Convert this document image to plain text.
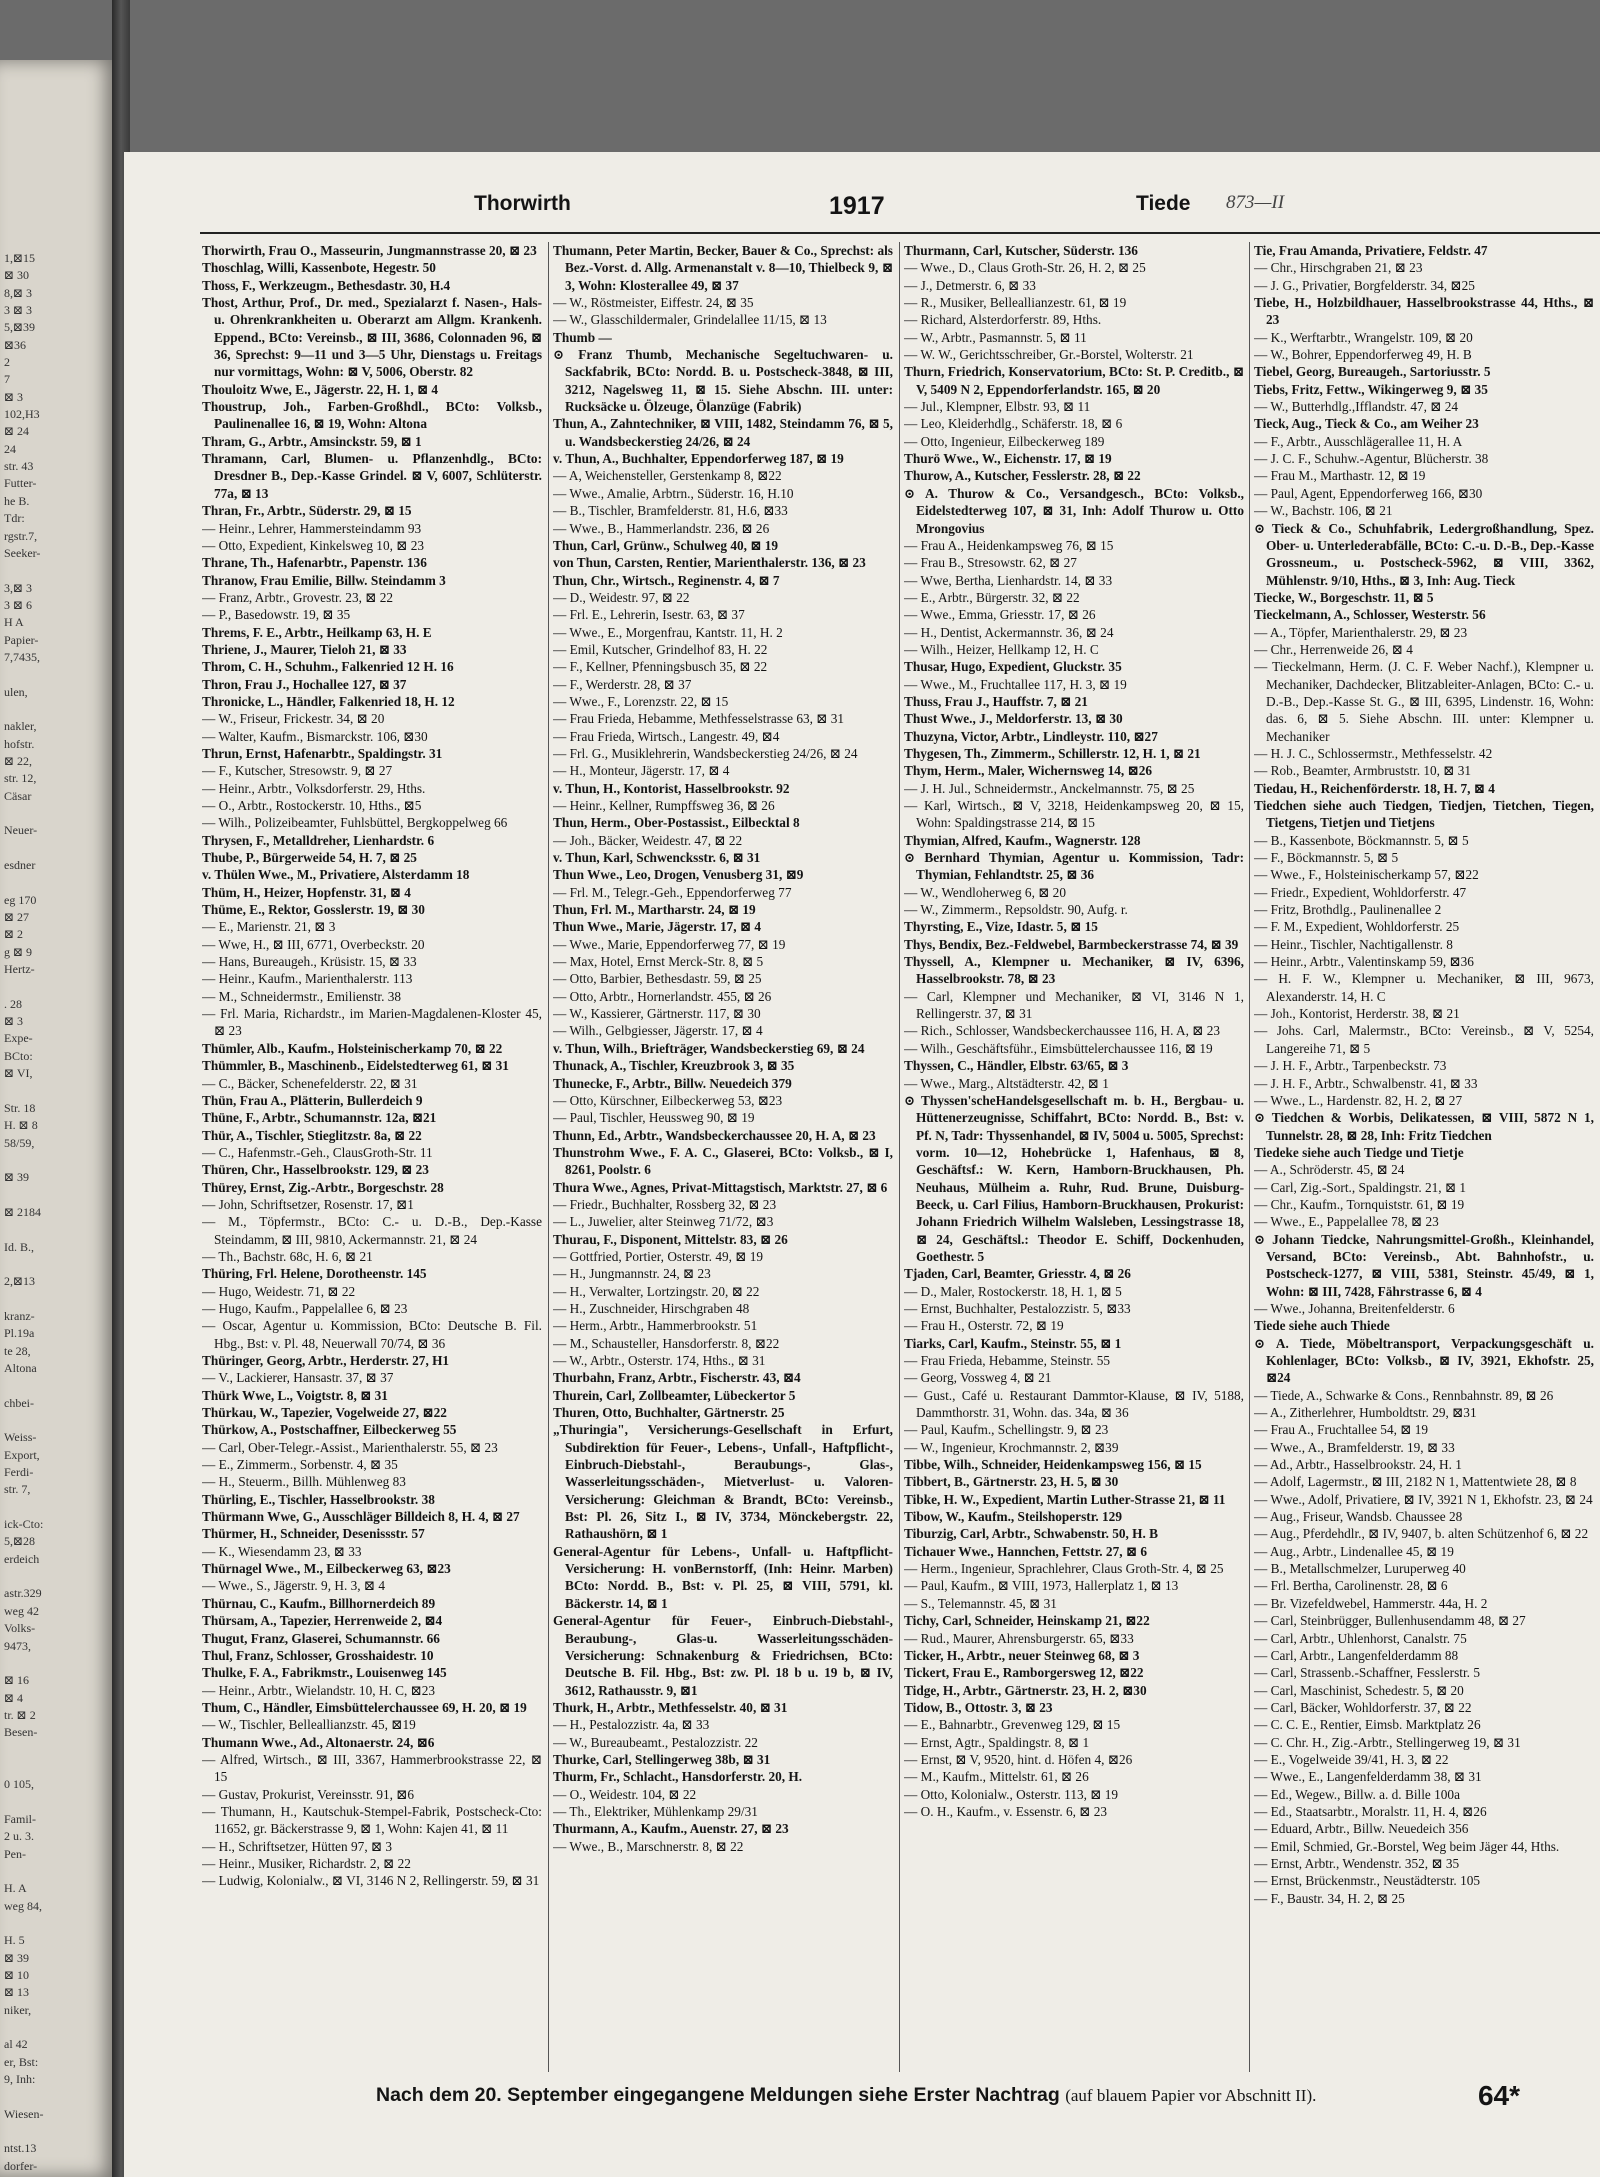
1,⊠15
⊠ 30
8,⊠ 3
3 ⊠ 3
5,⊠39
⊠36
2
7
⊠ 3
102,H3
⊠ 24
24
str. 43
Futter-
he B.
Tdr:
rgstr.7,
Seeker-

3,⊠ 3
3 ⊠ 6
H A
Papier-
7,7435,

ulen,

nakler,
hofstr.
⊠ 22,
str. 12,
Cäsar

Neuer-

esdner

eg 170
⊠ 27
⊠ 2
g ⊠ 9
Hertz-

. 28
⊠ 3
Expe-
BCto:
⊠ VI,

Str. 18
H. ⊠ 8
58/59,

⊠ 39

⊠ 2184

Id. B.,

2,⊠13

kranz-
Pl.19a
te 28,
Altona

chbei-

Weiss-
Export,
Ferdi-
str. 7,

ick-Cto:
5,⊠28
erdeich

astr.329
weg 42
Volks-
9473,

⊠ 16
⊠ 4
tr. ⊠ 2
Besen-

0 105,

Famil-
2 u. 3.
Pen-

H. A
weg 84,

H. 5
⊠ 39
⊠ 10
⊠ 13
niker,

al 42
er, Bst:
9, Inh:

Wiesen-

ntst.13
dorfer-
Thorwirth	1917	Tiede 873—II

Thorwirth, Frau O., Masseurin, Jungmannstrasse 20, ⊠ 23

Thoschlag, Willi, Kassenbote, Hegestr. 50

Thoss, F., Werkzeugm., Bethesdastr. 30, H.4

Thost, Arthur, Prof., Dr. med., Spezialarzt f. Nasen-, Hals- u. Ohrenkrankheiten u. Oberarzt am Allgm. Krankenh. Eppend., BCto: Vereinsb., ⊠ III, 3686, Colonnaden 96, ⊠ 36, Sprechst: 9—11 und 3—5 Uhr, Dienstags u. Freitags nur vormittags, Wohn: ⊠ V, 5006, Oberstr. 82

Thouloitz Wwe, E., Jägerstr. 22, H. 1, ⊠ 4

Thoustrup, Joh., Farben-Großhdl., BCto: Volksb., Paulinenallee 16, ⊠ 19, Wohn: Altona

Thram, G., Arbtr., Amsinckstr. 59, ⊠ 1

Thramann, Carl, Blumen- u. Pflanzenhdlg., BCto: Dresdner B., Dep.-Kasse Grindel. ⊠ V, 6007, Schlüterstr. 77a, ⊠ 13

Thran, Fr., Arbtr., Süderstr. 29, ⊠ 15

— Heinr., Lehrer, Hammersteindamm 93

— Otto, Expedient, Kinkelsweg 10, ⊠ 23

Thrane, Th., Hafenarbtr., Papenstr. 136

Thranow, Frau Emilie, Billw. Steindamm 3

— Franz, Arbtr., Grovestr. 23, ⊠ 22

— P., Basedowstr. 19, ⊠ 35

Threms, F. E., Arbtr., Heilkamp 63, H. E

Thriene, J., Maurer, Tieloh 21, ⊠ 33

Throm, C. H., Schuhm., Falkenried 12 H. 16

Thron, Frau J., Hochallee 127, ⊠ 37

Thronicke, L., Händler, Falkenried 18, H. 12

— W., Friseur, Frickestr. 34, ⊠ 20

— Walter, Kaufm., Bismarckstr. 106, ⊠30

Thrun, Ernst, Hafenarbtr., Spaldingstr. 31

— F., Kutscher, Stresowstr. 9, ⊠ 27

— Heinr., Arbtr., Volksdorferstr. 29, Hths.

— O., Arbtr., Rostockerstr. 10, Hths., ⊠5

— Wilh., Polizeibeamter, Fuhlsbüttel, Bergkoppelweg 66

Thrysen, F., Metalldreher, Lienhardstr. 6

Thube, P., Bürgerweide 54, H. 7, ⊠ 25

v. Thülen Wwe., M., Privatiere, Alsterdamm 18

Thüm, H., Heizer, Hopfenstr. 31, ⊠ 4

Thüme, E., Rektor, Gosslerstr. 19, ⊠ 30

— E., Marienstr. 21, ⊠ 3

— Wwe, H., ⊠ III, 6771, Overbeckstr. 20

— Hans, Bureaugeh., Krüsistr. 15, ⊠ 33

— Heinr., Kaufm., Marienthalerstr. 113

— M., Schneidermstr., Emilienstr. 38

— Frl. Maria, Richardstr., im Marien-Magdalenen-Kloster 45, ⊠ 23

Thümler, Alb., Kaufm., Holsteinischerkamp 70, ⊠ 22

Thümmler, B., Maschinenb., Eidelstedterweg 61, ⊠ 31

— C., Bäcker, Schenefelderstr. 22, ⊠ 31

Thün, Frau A., Plätterin, Bullerdeich 9

Thüne, F., Arbtr., Schumannstr. 12a, ⊠21

Thür, A., Tischler, Stieglitzstr. 8a, ⊠ 22

— C., Hafenmstr.-Geh., ClausGroth-Str. 11

Thüren, Chr., Hasselbrookstr. 129, ⊠ 23

Thürey, Ernst, Zig.-Arbtr., Borgeschstr. 28

— John, Schriftsetzer, Rosenstr. 17, ⊠1

— M., Töpfermstr., BCto: C.- u. D.-B., Dep.-Kasse Steindamm, ⊠ III, 9810, Ackermannstr. 21, ⊠ 24

— Th., Bachstr. 68c, H. 6, ⊠ 21

Thüring, Frl. Helene, Dorotheenstr. 145

— Hugo, Weidestr. 71, ⊠ 22

— Hugo, Kaufm., Pappelallee 6, ⊠ 23

— Oscar, Agentur u. Kommission, BCto: Deutsche B. Fil. Hbg., Bst: v. Pl. 48, Neuerwall 70/74, ⊠ 36

Thüringer, Georg, Arbtr., Herderstr. 27, H1

— V., Lackierer, Hansastr. 37, ⊠ 37

Thürk Wwe, L., Voigtstr. 8, ⊠ 31

Thürkau, W., Tapezier, Vogelweide 27, ⊠22

Thürkow, A., Postschaffner, Eilbeckerweg 55

— Carl, Ober-Telegr.-Assist., Marienthalerstr. 55, ⊠ 23

— E., Zimmerm., Sorbenstr. 4, ⊠ 35

— H., Steuerm., Billh. Mühlenweg 83

Thürling, E., Tischler, Hasselbrookstr. 38

Thürmann Wwe, G., Ausschläger Billdeich 8, H. 4, ⊠ 27

Thürmer, H., Schneider, Desenissstr. 57

— K., Wiesendamm 23, ⊠ 33

Thürnagel Wwe., M., Eilbeckerweg 63, ⊠23

— Wwe., S., Jägerstr. 9, H. 3, ⊠ 4

Thürnau, C., Kaufm., Billhornerdeich 89

Thürsam, A., Tapezier, Herrenweide 2, ⊠4

Thugut, Franz, Glaserei, Schumannstr. 66

Thul, Franz, Schlosser, Grosshaidestr. 10

Thulke, F. A., Fabrikmstr., Louisenweg 145

— Heinr., Arbtr., Wielandstr. 10, H. C, ⊠23

Thum, C., Händler, Eimsbüttelerchaussee 69, H. 20, ⊠ 19

— W., Tischler, Belleallianzstr. 45, ⊠19

Thumann Wwe., Ad., Altonaerstr. 24, ⊠6

— Alfred, Wirtsch., ⊠ III, 3367, Hammerbrookstrasse 22, ⊠ 15

— Gustav, Prokurist, Vereinsstr. 91, ⊠6

— Thumann, H., Kautschuk-Stempel-Fabrik, Postscheck-Cto: 11652, gr. Bäckerstrasse 9, ⊠ 1, Wohn: Kajen 41, ⊠ 11

— H., Schriftsetzer, Hütten 97, ⊠ 3

— Heinr., Musiker, Richardstr. 2, ⊠ 22

— Ludwig, Kolonialw., ⊠ VI, 3146 N 2, Rellingerstr. 59, ⊠ 31

Thumann, Peter Martin, Becker, Bauer & Co., Sprechst: als Bez.-Vorst. d. Allg. Armenanstalt v. 8—10, Thielbeck 9, ⊠ 3, Wohn: Klosterallee 49, ⊠ 37

— W., Röstmeister, Eiffestr. 24, ⊠ 35

— W., Glasschildermaler, Grindelallee 11/15, ⊠ 13

Thumb —

⊙ Franz Thumb, Mechanische Segeltuchwaren- u. Sackfabrik, BCto: Nordd. B. u. Postscheck-3848, ⊠ III, 3212, Nagelsweg 11, ⊠ 15. Siehe Abschn. III. unter: Rucksäcke u. Ölzeuge, Ölanzüge (Fabrik)

Thun, A., Zahntechniker, ⊠ VIII, 1482, Steindamm 76, ⊠ 5, u. Wandsbeckerstieg 24/26, ⊠ 24

v. Thun, A., Buchhalter, Eppendorferweg 187, ⊠ 19

— A, Weichensteller, Gerstenkamp 8, ⊠22

— Wwe., Amalie, Arbtrn., Süderstr. 16, H.10

— B., Tischler, Bramfelderstr. 81, H.6, ⊠33

— Wwe., B., Hammerlandstr. 236, ⊠ 26

Thun, Carl, Grünw., Schulweg 40, ⊠ 19

von Thun, Carsten, Rentier, Marienthalerstr. 136, ⊠ 23

Thun, Chr., Wirtsch., Reginenstr. 4, ⊠ 7

— D., Weidestr. 97, ⊠ 22

— Frl. E., Lehrerin, Isestr. 63, ⊠ 37

— Wwe., E., Morgenfrau, Kantstr. 11, H. 2

— Emil, Kutscher, Grindelhof 83, H. 22

— F., Kellner, Pfenningsbusch 35, ⊠ 22

— F., Werderstr. 28, ⊠ 37

— Wwe., F., Lorenzstr. 22, ⊠ 15

— Frau Frieda, Hebamme, Methfesselstrasse 63, ⊠ 31

— Frau Frieda, Wirtsch., Langestr. 49, ⊠4

— Frl. G., Musiklehrerin, Wandsbeckerstieg 24/26, ⊠ 24

— H., Monteur, Jägerstr. 17, ⊠ 4

v. Thun, H., Kontorist, Hasselbrookstr. 92

— Heinr., Kellner, Rumpffsweg 36, ⊠ 26

Thun, Herm., Ober-Postassist., Eilbecktal 8

— Joh., Bäcker, Weidestr. 47, ⊠ 22

v. Thun, Karl, Schwencksstr. 6, ⊠ 31

Thun Wwe., Leo, Drogen, Venusberg 31, ⊠9

— Frl. M., Telegr.-Geh., Eppendorferweg 77

Thun, Frl. M., Martharstr. 24, ⊠ 19

Thun Wwe., Marie, Jägerstr. 17, ⊠ 4

— Wwe., Marie, Eppendorferweg 77, ⊠ 19

— Max, Hotel, Ernst Merck-Str. 8, ⊠ 5

— Otto, Barbier, Bethesdastr. 59, ⊠ 25

— Otto, Arbtr., Hornerlandstr. 455, ⊠ 26

— W., Kassierer, Gärtnerstr. 117, ⊠ 30

— Wilh., Gelbgiesser, Jägerstr. 17, ⊠ 4

v. Thun, Wilh., Briefträger, Wandsbeckerstieg 69, ⊠ 24

Thunack, A., Tischler, Kreuzbrook 3, ⊠ 35

Thunecke, F., Arbtr., Billw. Neuedeich 379

— Otto, Kürschner, Eilbeckerweg 53, ⊠23

— Paul, Tischler, Heussweg 90, ⊠ 19

Thunn, Ed., Arbtr., Wandsbeckerchaussee 20, H. A, ⊠ 23

Thunstrohm Wwe., F. A. C., Glaserei, BCto: Volksb., ⊠ I, 8261, Poolstr. 6

Thura Wwe., Agnes, Privat-Mittagstisch, Marktstr. 27, ⊠ 6

— Friedr., Buchhalter, Rossberg 32, ⊠ 23

— L., Juwelier, alter Steinweg 71/72, ⊠3

Thurau, F., Disponent, Mittelstr. 83, ⊠ 26

— Gottfried, Portier, Osterstr. 49, ⊠ 19

— H., Jungmannstr. 24, ⊠ 23

— H., Verwalter, Lortzingstr. 20, ⊠ 22

— H., Zuschneider, Hirschgraben 48

— Herm., Arbtr., Hammerbrookstr. 51

— M., Schausteller, Hansdorferstr. 8, ⊠22

— W., Arbtr., Osterstr. 174, Hths., ⊠ 31

Thurbahn, Franz, Arbtr., Fischerstr. 43, ⊠4

Thurein, Carl, Zollbeamter, Lübeckertor 5

Thuren, Otto, Buchhalter, Gärtnerstr. 25

„Thuringia", Versicherungs-Gesellschaft in Erfurt, Subdirektion für Feuer-, Lebens-, Unfall-, Haftpflicht-, Einbruch-Diebstahl-, Beraubungs-, Glas-, Wasserleitungsschäden-, Mietverlust- u. Valoren-Versicherung: Gleichman & Brandt, BCto: Vereinsb., Bst: Pl. 26, Sitz I., ⊠ IV, 3734, Mönckebergstr. 22, Rathaushörn, ⊠ 1

General-Agentur für Lebens-, Unfall- u. Haftpflicht-Versicherung: H. vonBernstorff, (Inh: Heinr. Marben) BCto: Nordd. B., Bst: v. Pl. 25, ⊠ VIII, 5791, kl. Bäckerstr. 14, ⊠ 1

General-Agentur für Feuer-, Einbruch-Diebstahl-, Beraubung-, Glas-u. Wasserleitungsschäden-Versicherung: Schnakenburg & Friedrichsen, BCto: Deutsche B. Fil. Hbg., Bst: zw. Pl. 18 b u. 19 b, ⊠ IV, 3612, Rathausstr. 9, ⊠1

Thurk, H., Arbtr., Methfesselstr. 40, ⊠ 31

— H., Pestalozzistr. 4a, ⊠ 33

— W., Bureaubeamt., Pestalozzistr. 22

Thurke, Carl, Stellingerweg 38b, ⊠ 31

Thurm, Fr., Schlacht., Hansdorferstr. 20, H.

— O., Weidestr. 104, ⊠ 22

— Th., Elektriker, Mühlenkamp 29/31

Thurmann, A., Kaufm., Auenstr. 27, ⊠ 23

— Wwe., B., Marschnerstr. 8, ⊠ 22

Thurmann, Carl, Kutscher, Süderstr. 136

— Wwe., D., Claus Groth-Str. 26, H. 2, ⊠ 25

— J., Detmerstr. 6, ⊠ 33

— R., Musiker, Belleallianzestr. 61, ⊠ 19

— Richard, Alsterdorferstr. 89, Hths.

— W., Arbtr., Pasmannstr. 5, ⊠ 11

— W. W., Gerichtsschreiber, Gr.-Borstel, Wolterstr. 21

Thurn, Friedrich, Konservatorium, BCto: St. P. Creditb., ⊠ V, 5409 N 2, Eppendorferlandstr. 165, ⊠ 20

— Jul., Klempner, Elbstr. 93, ⊠ 11

— Leo, Kleiderhdlg., Schäferstr. 18, ⊠ 6

— Otto, Ingenieur, Eilbeckerweg 189

Thurö Wwe., W., Eichenstr. 17, ⊠ 19

Thurow, A., Kutscher, Fesslerstr. 28, ⊠ 22

⊙ A. Thurow & Co., Versandgesch., BCto: Volksb., Eidelstedterweg 107, ⊠ 31, Inh: Adolf Thurow u. Otto Mrongovius

— Frau A., Heidenkampsweg 76, ⊠ 15

— Frau B., Stresowstr. 62, ⊠ 27

— Wwe, Bertha, Lienhardstr. 14, ⊠ 33

— E., Arbtr., Bürgerstr. 32, ⊠ 22

— Wwe., Emma, Griesstr. 17, ⊠ 26

— H., Dentist, Ackermannstr. 36, ⊠ 24

— Wilh., Heizer, Hellkamp 12, H. C

Thusar, Hugo, Expedient, Gluckstr. 35

— Wwe., M., Fruchtallee 117, H. 3, ⊠ 19

Thuss, Frau J., Hauffstr. 7, ⊠ 21

Thust Wwe., J., Meldorferstr. 13, ⊠ 30

Thuzyna, Victor, Arbtr., Lindleystr. 110, ⊠27

Thygesen, Th., Zimmerm., Schillerstr. 12, H. 1, ⊠ 21

Thym, Herm., Maler, Wichernsweg 14, ⊠26

— J. H. Jul., Schneidermstr., Anckelmannstr. 75, ⊠ 25

— Karl, Wirtsch., ⊠ V, 3218, Heidenkampsweg 20, ⊠ 15, Wohn: Spaldingstrasse 214, ⊠ 15

Thymian, Alfred, Kaufm., Wagnerstr. 128

⊙ Bernhard Thymian, Agentur u. Kommission, Tadr: Thymian, Fehlandtstr. 25, ⊠ 36

— W., Wendloherweg 6, ⊠ 20

— W., Zimmerm., Repsoldstr. 90, Aufg. r.

Thyrsting, E., Vize, Idastr. 5, ⊠ 15

Thys, Bendix, Bez.-Feldwebel, Barmbeckerstrasse 74, ⊠ 39

Thyssell, A., Klempner u. Mechaniker, ⊠ IV, 6396, Hasselbrookstr. 78, ⊠ 23

— Carl, Klempner und Mechaniker, ⊠ VI, 3146 N 1, Rellingerstr. 37, ⊠ 31

— Rich., Schlosser, Wandsbeckerchaussee 116, H. A, ⊠ 23

— Wilh., Geschäftsführ., Eimsbüttelerchaussee 116, ⊠ 19

Thyssen, C., Händler, Elbstr. 63/65, ⊠ 3

— Wwe., Marg., Altstädterstr. 42, ⊠ 1

⊙ Thyssen'scheHandelsgesellschaft m. b. H., Bergbau- u. Hüttenerzeugnisse, Schiffahrt, BCto: Nordd. B., Bst: v. Pf. N, Tadr: Thyssenhandel, ⊠ IV, 5004 u. 5005, Sprechst: vorm. 10—12, Hohebrücke 1, Hafenhaus, ⊠ 8, Geschäftsf.: W. Kern, Hamborn-Bruckhausen, Ph. Neuhaus, Mülheim a. Ruhr, Rud. Brune, Duisburg-Beeck, u. Carl Filius, Hamborn-Bruckhausen, Prokurist: Johann Friedrich Wilhelm Walsleben, Lessingstrasse 18, ⊠ 24, Geschäftsl.: Theodor E. Schiff, Dockenhuden, Goethestr. 5

Tjaden, Carl, Beamter, Griesstr. 4, ⊠ 26

— D., Maler, Rostockerstr. 18, H. 1, ⊠ 5

— Ernst, Buchhalter, Pestalozzistr. 5, ⊠33

— Frau H., Osterstr. 72, ⊠ 19

Tiarks, Carl, Kaufm., Steinstr. 55, ⊠ 1

— Frau Frieda, Hebamme, Steinstr. 55

— Georg, Vossweg 4, ⊠ 21

— Gust., Café u. Restaurant Dammtor-Klause, ⊠ IV, 5188, Dammthorstr. 31, Wohn. das. 34a, ⊠ 36

— Paul, Kaufm., Schellingstr. 9, ⊠ 23

— W., Ingenieur, Krochmannstr. 2, ⊠39

Tibbe, Wilh., Schneider, Heidenkampsweg 156, ⊠ 15

Tibbert, B., Gärtnerstr. 23, H. 5, ⊠ 30

Tibke, H. W., Expedient, Martin Luther-Strasse 21, ⊠ 11

Tibow, W., Kaufm., Steilshoperstr. 129

Tiburzig, Carl, Arbtr., Schwabenstr. 50, H. B

Tichauer Wwe., Hannchen, Fettstr. 27, ⊠ 6

— Herm., Ingenieur, Sprachlehrer, Claus Groth-Str. 4, ⊠ 25

— Paul, Kaufm., ⊠ VIII, 1973, Hallerplatz 1, ⊠ 13

— S., Telemannstr. 45, ⊠ 31

Tichy, Carl, Schneider, Heinskamp 21, ⊠22

— Rud., Maurer, Ahrensburgerstr. 65, ⊠33

Ticker, H., Arbtr., neuer Steinweg 68, ⊠ 3

Tickert, Frau E., Ramborgersweg 12, ⊠22

Tidge, H., Arbtr., Gärtnerstr. 23, H. 2, ⊠30

Tidow, B., Ottostr. 3, ⊠ 23

— E., Bahnarbtr., Grevenweg 129, ⊠ 15

— Ernst, Agtr., Spaldingstr. 8, ⊠ 1

— Ernst, ⊠ V, 9520, hint. d. Höfen 4, ⊠26

— M., Kaufm., Mittelstr. 61, ⊠ 26

— Otto, Kolonialw., Osterstr. 113, ⊠ 19

— O. H., Kaufm., v. Essenstr. 6, ⊠ 23

Tie, Frau Amanda, Privatiere, Feldstr. 47

— Chr., Hirschgraben 21, ⊠ 23

— J. G., Privatier, Borgfelderstr. 34, ⊠25

Tiebe, H., Holzbildhauer, Hasselbrookstrasse 44, Hths., ⊠ 23

— K., Werftarbtr., Wrangelstr. 109, ⊠ 20

— W., Bohrer, Eppendorferweg 49, H. B

Tiebel, Georg, Bureaugeh., Sartoriusstr. 5

Tiebs, Fritz, Fettw., Wikingerweg 9, ⊠ 35

— W., Butterhdlg.,Ifflandstr. 47, ⊠ 24

Tieck, Aug., Tieck & Co., am Weiher 23

— F., Arbtr., Ausschlägerallee 11, H. A

— J. C. F., Schuhw.-Agentur, Blücherstr. 38

— Frau M., Marthastr. 12, ⊠ 19

— Paul, Agent, Eppendorferweg 166, ⊠30

— W., Bachstr. 106, ⊠ 21

⊙ Tieck & Co., Schuhfabrik, Ledergroßhandlung, Spez. Ober- u. Unterlederabfälle, BCto: C.-u. D.-B., Dep.-Kasse Grossneum., u. Postscheck-5962, ⊠ VIII, 3362, Mühlenstr. 9/10, Hths., ⊠ 3, Inh: Aug. Tieck

Tiecke, W., Borgeschstr. 11, ⊠ 5

Tieckelmann, A., Schlosser, Westerstr. 56

— A., Töpfer, Marienthalerstr. 29, ⊠ 23

— Chr., Herrenweide 26, ⊠ 4

— Tieckelmann, Herm. (J. C. F. Weber Nachf.), Klempner u. Mechaniker, Dachdecker, Blitzableiter-Anlagen, BCto: C.- u. D.-B., Dep.-Kasse St. G., ⊠ III, 6395, Lindenstr. 16, Wohn: das. 6, ⊠ 5. Siehe Abschn. III. unter: Klempner u. Mechaniker

— H. J. C., Schlossermstr., Methfesselstr. 42

— Rob., Beamter, Armbruststr. 10, ⊠ 31

Tiedau, H., Reichenförderstr. 18, H. 7, ⊠ 4

Tiedchen siehe auch Tiedgen, Tiedjen, Tietchen, Tiegen, Tietgens, Tietjen und Tietjens

— B., Kassenbote, Böckmannstr. 5, ⊠ 5

— F., Böckmannstr. 5, ⊠ 5

— Wwe., F., Holsteinischerkamp 57, ⊠22

— Friedr., Expedient, Wohldorferstr. 47

— Fritz, Brothdlg., Paulinenallee 2

— F. M., Expedient, Wohldorferstr. 25

— Heinr., Tischler, Nachtigallenstr. 8

— Heinr., Arbtr., Valentinskamp 59, ⊠36

— H. F. W., Klempner u. Mechaniker, ⊠ III, 9673, Alexanderstr. 14, H. C

— Joh., Kontorist, Herderstr. 38, ⊠ 21

— Johs. Carl, Malermstr., BCto: Vereinsb., ⊠ V, 5254, Langereihe 71, ⊠ 5

— J. H. F., Arbtr., Tarpenbeckstr. 73

— J. H. F., Arbtr., Schwalbenstr. 41, ⊠ 33

— Wwe., L., Hardenstr. 82, H. 2, ⊠ 27

⊙ Tiedchen & Worbis, Delikatessen, ⊠ VIII, 5872 N 1, Tunnelstr. 28, ⊠ 28, Inh: Fritz Tiedchen

Tiedeke siehe auch Tiedge und Tietje

— A., Schröderstr. 45, ⊠ 24

— Carl, Zig.-Sort., Spaldingstr. 21, ⊠ 1

— Chr., Kaufm., Tornquiststr. 61, ⊠ 19

— Wwe., E., Pappelallee 78, ⊠ 23

⊙ Johann Tiedcke, Nahrungsmittel-Großh., Kleinhandel, Versand, BCto: Vereinsb., Abt. Bahnhofstr., u. Postscheck-1277, ⊠ VIII, 5381, Steinstr. 45/49, ⊠ 1, Wohn: ⊠ III, 7428, Fährstrasse 6, ⊠ 4

— Wwe., Johanna, Breitenfelderstr. 6

Tiede siehe auch Thiede

⊙ A. Tiede, Möbeltransport, Verpackungsgeschäft u. Kohlenlager, BCto: Volksb., ⊠ IV, 3921, Ekhofstr. 25, ⊠24

— Tiede, A., Schwarke & Cons., Rennbahnstr. 89, ⊠ 26

— A., Zitherlehrer, Humboldtstr. 29, ⊠31

— Frau A., Fruchtallee 54, ⊠ 19

— Wwe., A., Bramfelderstr. 19, ⊠ 33

— Ad., Arbtr., Hasselbrookstr. 24, H. 1

— Adolf, Lagermstr., ⊠ III, 2182 N 1, Mattentwiete 28, ⊠ 8

— Wwe., Adolf, Privatiere, ⊠ IV, 3921 N 1, Ekhofstr. 23, ⊠ 24

— Aug., Friseur, Wandsb. Chaussee 28

— Aug., Pferdehdlr., ⊠ IV, 9407, b. alten Schützenhof 6, ⊠ 22

— Aug., Arbtr., Lindenallee 45, ⊠ 19

— B., Metallschmelzer, Luruperweg 40

— Frl. Bertha, Carolinenstr. 28, ⊠ 6

— Br. Vizefeldwebel, Hammerstr. 44a, H. 2

— Carl, Steinbrügger, Bullenhusendamm 48, ⊠ 27

— Carl, Arbtr., Uhlenhorst, Canalstr. 75

— Carl, Arbtr., Langenfelderdamm 88

— Carl, Strassenb.-Schaffner, Fesslerstr. 5

— Carl, Maschinist, Schedestr. 5, ⊠ 20

— Carl, Bäcker, Wohldorferstr. 37, ⊠ 22

— C. C. E., Rentier, Eimsb. Marktplatz 26

— C. Chr. H., Zig.-Arbtr., Stellingerweg 19, ⊠ 31

— E., Vogelweide 39/41, H. 3, ⊠ 22

— Wwe., E., Langenfelderdamm 38, ⊠ 31

— Ed., Wegew., Billw. a. d. Bille 100a

— Ed., Staatsarbtr., Moralstr. 11, H. 4, ⊠26

— Eduard, Arbtr., Billw. Neuedeich 356

— Emil, Schmied, Gr.-Borstel, Weg beim Jäger 44, Hths.

— Ernst, Arbtr., Wendenstr. 352, ⊠ 35

— Ernst, Brückenmstr., Neustädterstr. 105

— F., Baustr. 34, H. 2, ⊠ 25

Nach dem 20. September eingegangene Meldungen siehe Erster Nachtrag (auf blauem Papier vor Abschnitt II).	64*
